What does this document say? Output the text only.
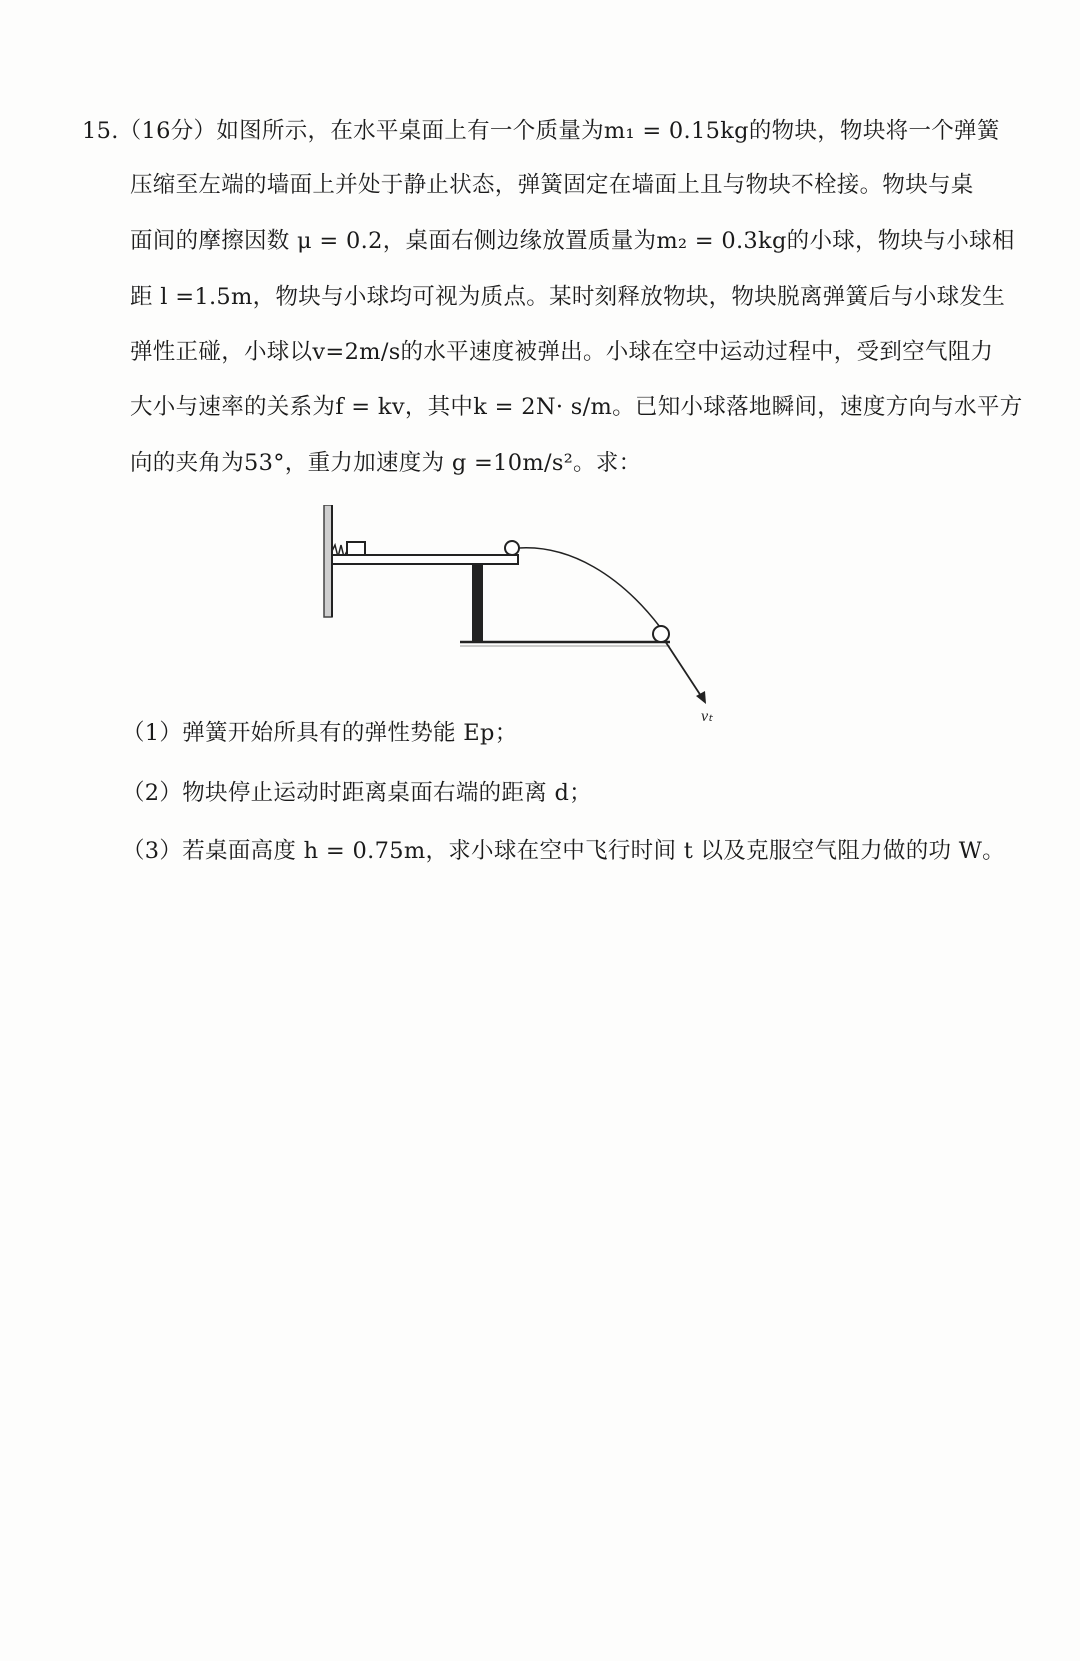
15.（16分）如图所示，在水平桌面上有一个质量为m₁ = 0.15kg的物块，物块将一个弹簧
压缩至左端的墙面上并处于静止状态，弹簧固定在墙面上且与物块不栓接。物块与桌
面间的摩擦因数 μ = 0.2，桌面右侧边缘放置质量为m₂ = 0.3kg的小球，物块与小球相
距 l =1.5m，物块与小球均可视为质点。某时刻释放物块，物块脱离弹簧后与小球发生
弹性正碰，小球以v=2m/s的水平速度被弹出。小球在空中运动过程中，受到空气阻力
大小与速率的关系为f = kv，其中k = 2N· s/m。已知小球落地瞬间，速度方向与水平方
向的夹角为53°，重力加速度为 g =10m/s²。求：
vₜ
（1）弹簧开始所具有的弹性势能 Ep；
（2）物块停止运动时距离桌面右端的距离 d；
（3）若桌面高度 h = 0.75m，求小球在空中飞行时间 t 以及克服空气阻力做的功 W。
